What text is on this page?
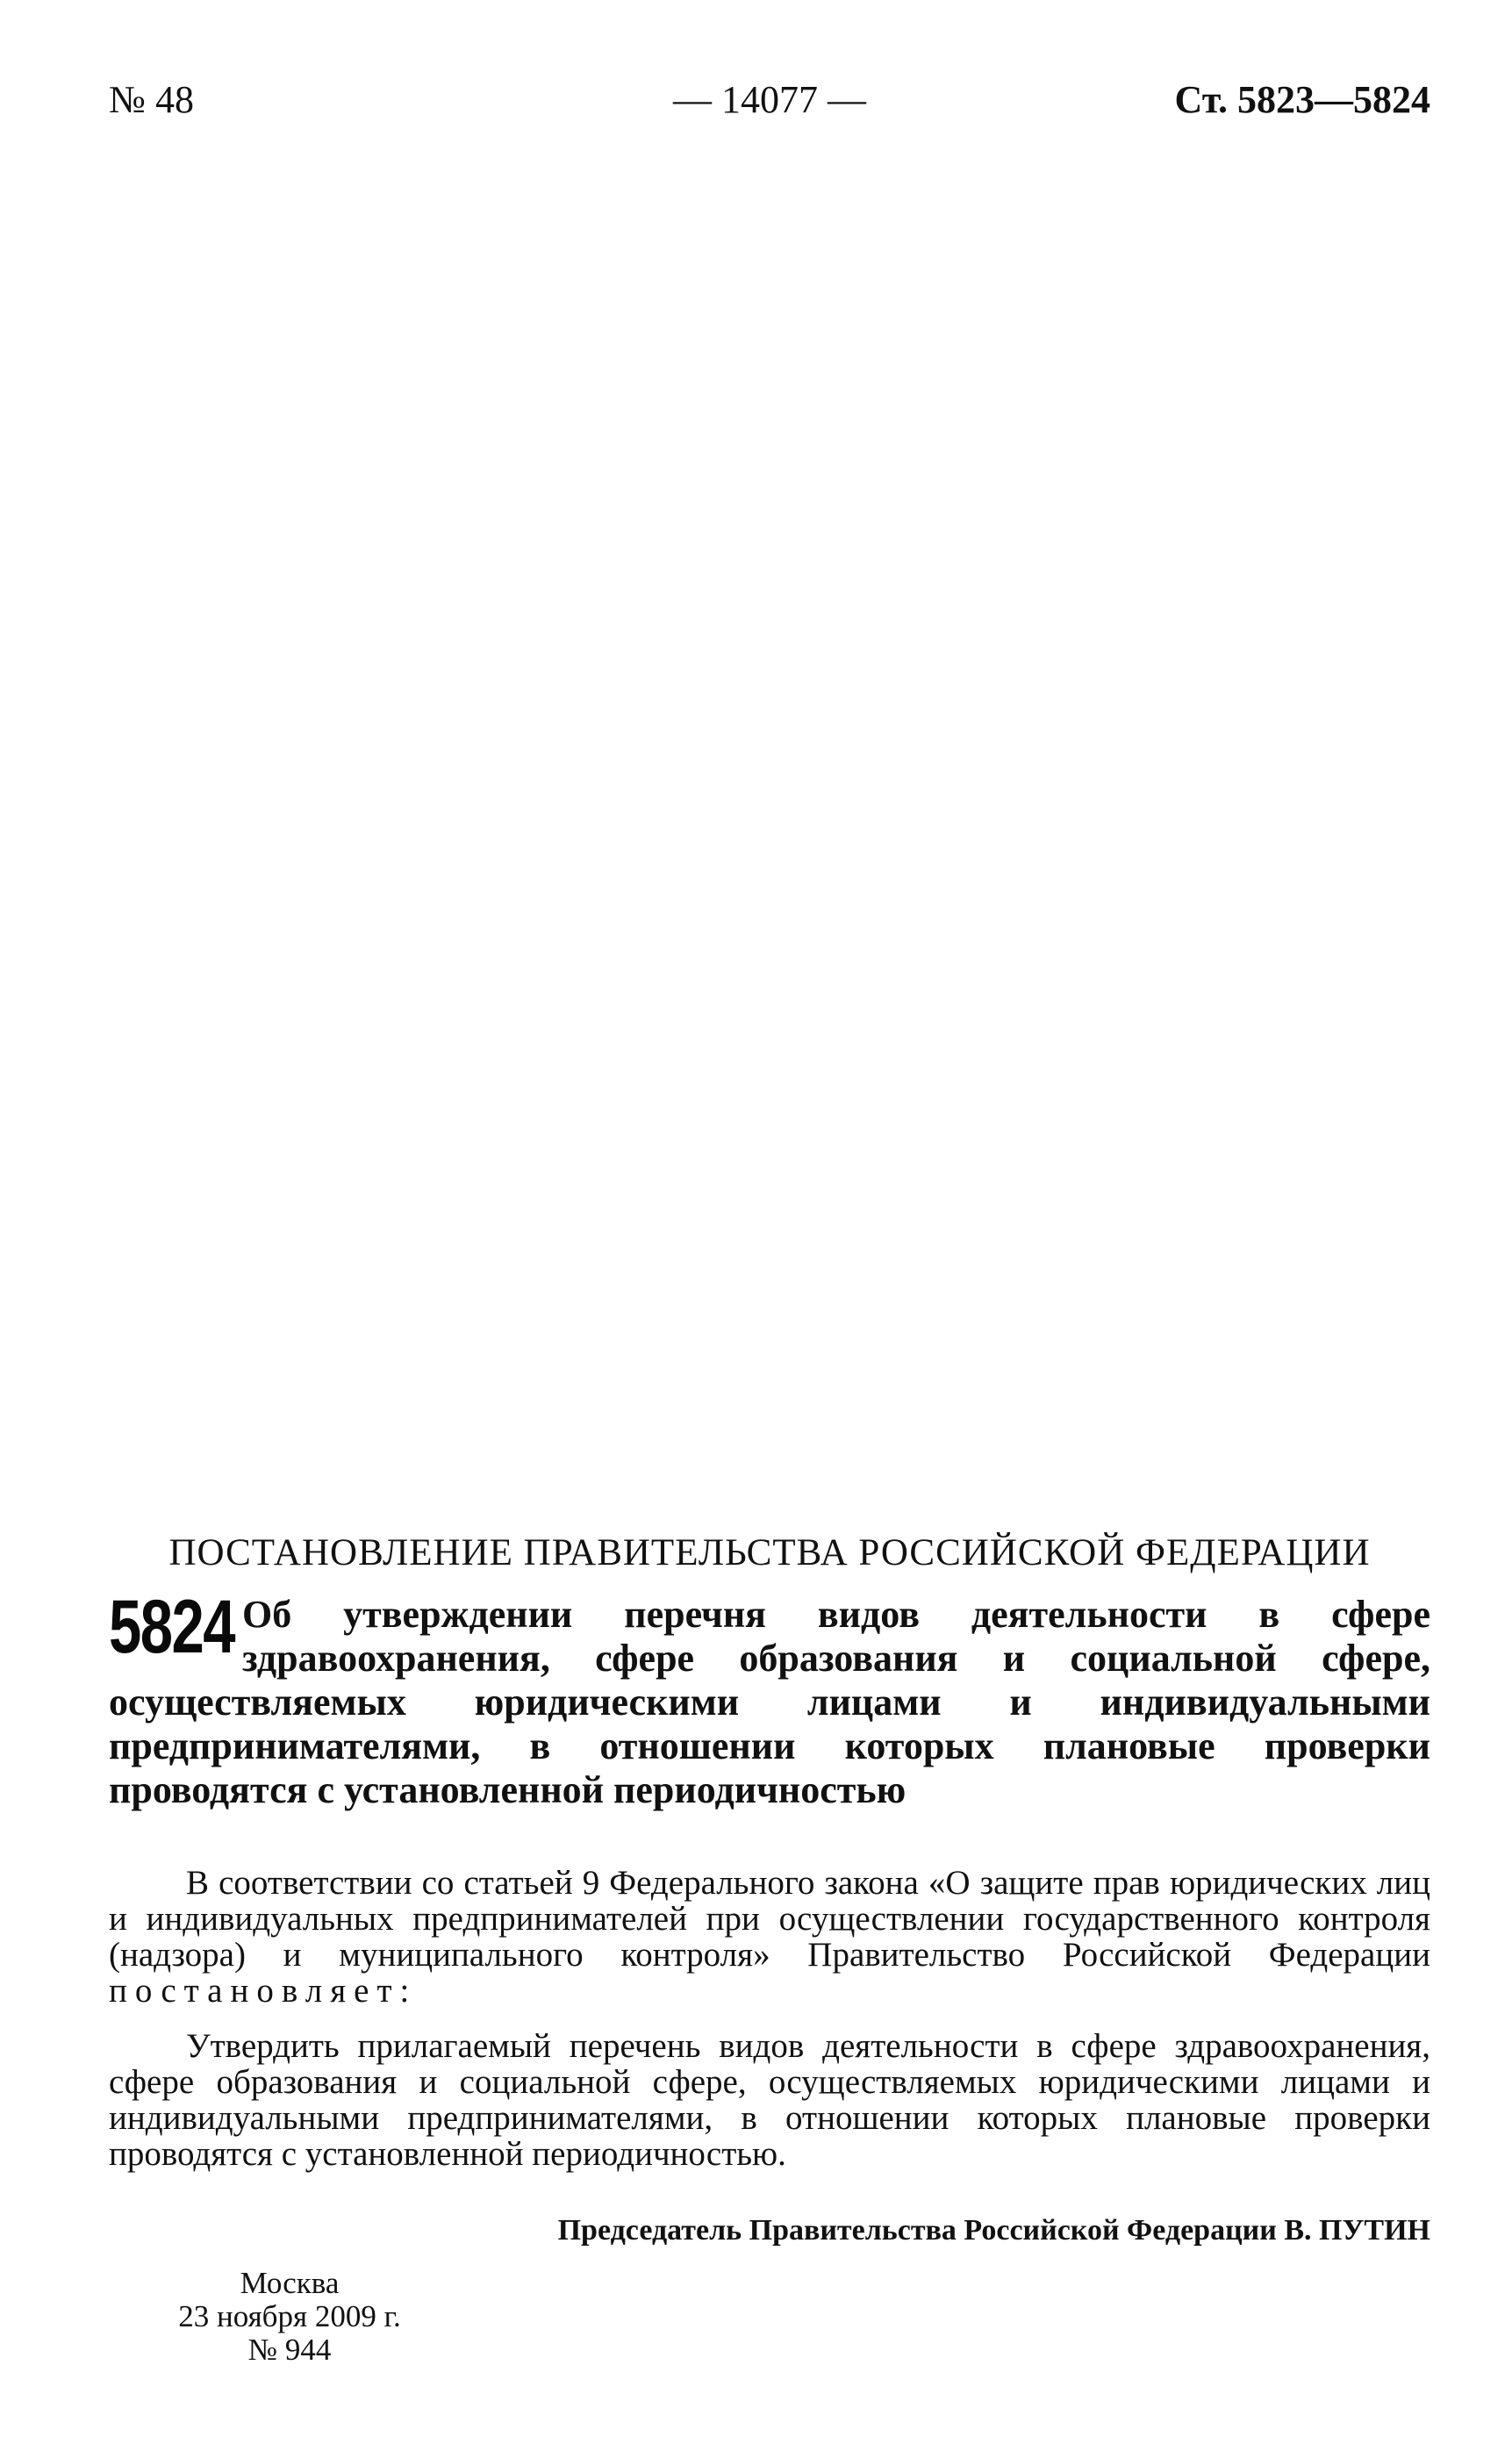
№ 48	— 14077 —	Ст. 5823—5824
ПОСТАНОВЛЕНИЕ ПРАВИТЕЛЬСТВА РОССИЙСКОЙ ФЕДЕРАЦИИ
5824 Об утверждении перечня видов деятельности в сфере здравоохранения, сфере образования и социальной сфере, осуществляемых юридическими лицами и индивидуальными предпринимателями, в отношении которых плановые проверки проводятся с установленной периодичностью

В соответствии со статьей 9 Федерального закона «О защите прав юридических лиц и индивидуальных предпринимателей при осуществлении государственного контроля (надзора) и муниципального контроля» Правительство Российской Федерации постановляет:

Утвердить прилагаемый перечень видов деятельности в сфере здравоохранения, сфере образования и социальной сфере, осуществляемых юридическими лицами и индивидуальными предпринимателями, в отношении которых плановые проверки проводятся с установленной периодичностью.

Председатель Правительства Российской Федерации В. ПУТИН
Москва
23 ноября 2009 г.
№ 944
